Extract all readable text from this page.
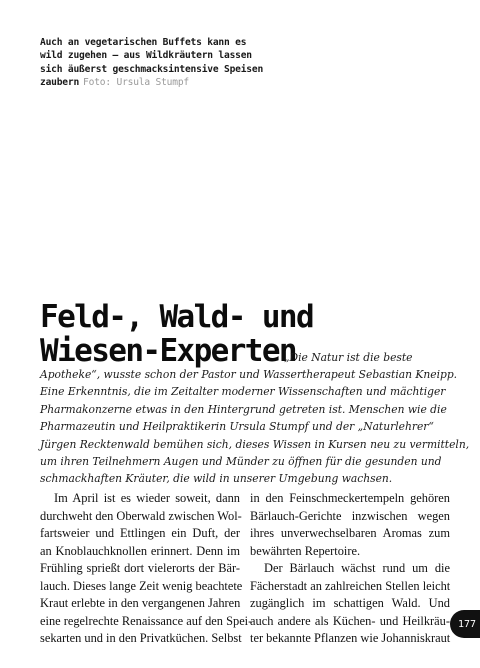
Auch an vegetarischen Buffets kann es
wild zugehen – aus Wildkräutern lassen
sich äußerst geschmacksintensive Speisen
zaubern Foto: Ursula Stumpf
Feld-, Wald- und
Wiesen-Experten
„Die Natur ist die beste
Apotheke“, wusste schon der Pastor und Wassertherapeut Sebastian Kneipp.
Eine Erkenntnis, die im Zeitalter moderner Wissenschaften und mächtiger
Pharmakonzerne etwas in den Hintergrund getreten ist. Menschen wie die
Pharmazeutin und Heilpraktikerin Ursula Stumpf und der „Naturlehrer“
Jürgen Recktenwald bemühen sich, dieses Wissen in Kursen neu zu vermitteln,
um ihren Teilnehmern Augen und Münder zu öffnen für die gesunden und
schmackhaften Kräuter, die wild in unserer Umgebung wachsen.
Im April ist es wieder soweit, dann
durchweht den Oberwald zwischen Wol-
fartsweier und Ettlingen ein Duft, der
an Knoblauchknollen erinnert. Denn im
Frühling sprießt dort vielerorts der Bär-
lauch. Dieses lange Zeit wenig beachtete
Kraut erlebte in den vergangenen Jahren
eine regelrechte Renaissance auf den Spei-
sekarten und in den Privatküchen. Selbst
in den Feinschmeckertempeln gehören
Bärlauch-Gerichte inzwischen wegen
ihres unverwechselbaren Aromas zum
bewährten Repertoire.
Der Bärlauch wächst rund um die
Fächerstadt an zahlreichen Stellen leicht
zugänglich im schattigen Wald. Und
auch andere als Küchen- und Heilkräu-
ter bekannte Pflanzen wie Johanniskraut
177
